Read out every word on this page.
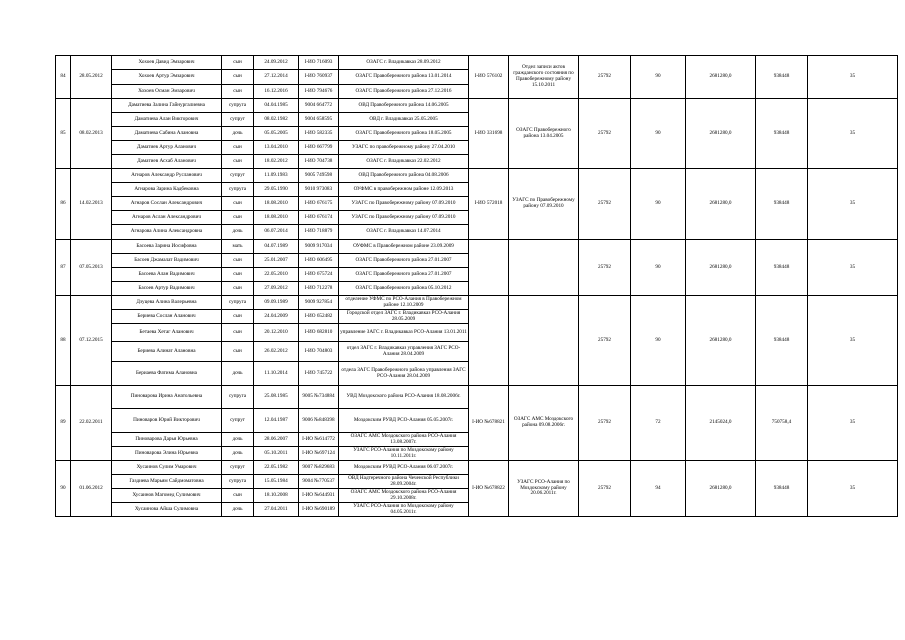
84	28.05.2012	Хохоев Давид Эмзарович	сын	24.09.2012	I-ИО 716093	ОЗАГС г. Владикавказ 28.09.2012	I-ИО 576102	Отдел записи актов гражданского состояния по Правобережному району 15.10.2011	25792	90	2681280,0	938448	35
		Хохоев Артур Эмзарович	сын	27.12.2014	I-ИО 760937	ОЗАГС Правобережного района 13.01.2014							
		Хохоев Осман Эмзарович	сын	16.12.2016	I-ИО 794676	ОЗАГС Правобережного района 27.12.2016							
85	08.02.2013	Даматиева Залина Гайнургалиевна	супруга	04.04.1985	9004 664772	ОВД Правобережного района 14.06.2005	I-ИО 331698	ОЗАГС Правобережного района 13.04.2005	25792	90	2681280,0	938448	35
		Даматиева Алан Викторович	супруг	08.02.1982	9004 658595	ОВД г. Владикавказ 25.05.2005							
		Даматиева Сабина Алановна	дочь	05.05.2005	I-ИО 582335	ОЗАГС Правобережного района 18.05.2005							
		Даматиев Артур Аланович	сын	13.04.2010	I-ИО 667799	УЗАГС по правобережному району 27.04.2010							
		Даматиев Асхаб Аланович	сын	18.02.2012	I-ИО 704738	ОЗАГС г. Владикавказ 22.02.2012							
86	14.02.2013	Агнаров Александр Русланович	супруг	11.09.1983	9005 749598	ОВД Правобережного района 04.08.2006	I-ИО 572018	УЗАГС по Правобережному району 07.09.2010	25792	90	2681280,0	938448	35
		Агнарова Зарина Кадбековна	супруга	29.05.1990	9010 973083	ОУФМС в правобережном районе 12.09.2013							
		Агнаров Сослан Александрович	сын	18.08.2010	I-ИО 676175	УЗАГС по Правобережному району 07.09.2010							
		Агнаров Аслан Александрович	сын	18.08.2010	I-ИО 676174	УЗАГС по Правобережному району 07.09.2010							
		Агнарова Алина Александровна	дочь	06.07.2014	I-ИО 718879	ОЗАГС г. Владикавказ 14.07.2014							
87	07.05.2013	Басоева Зарина Иосифовна	мать	04.07.1989	9009 917034	ОУФМС в Правобережном районе 23.09.2009			25792	90	2681280,0	938448	35
		Басоев Джамалат Вадимович	сын	25.01.2007	I-ИО 606495	ОЗАГС Правобережного района 27.01.2007							
		Басоева Алан Вадимович	сын	22.05.2010	I-ИО 675724	ОЗАГС Правобережного района 27.01.2007							
		Басоев Артур Вадимович	сын	27.09.2012	I-ИО 712278	ОЗАГС Правобережного района 05.10.2012							
88	07.12.2015	Дзуцева Алина Валерьевна	супруга	09.09.1989	9009 927854	отделение УФМС по РСО-Алания в Правобережном районе 12.10.2009			25792	90	2681280,0	938448	35
		Бериева Сослан Аланович	сын	24.04.2009	I-ИО 652482	Городской отдел ЗАГС г. Владикавказ РСО-Алания 28.05.2009							
		Бетаева Хетаг Аланович	сын	20.12.2010	I-ИО 682810	управление ЗАГС г. Владикавказ РСО-Алания 13.01.2011							
		Бериева Алинат Алановна	сын	26.02.2012	I-ИО 704803	отдел ЗАГС г. Владикавказ управления ЗАГС РСО-Алания 28.04.2009							
		Бериаева Фатима Алановна	дочь	11.10.2014	I-ИО 745722	отдела ЗАГС Правобережного района управления ЗАГС РСО-Алания 28.04.2009							
89	22.02.2011	Пиноварова Ирина Анатольевна	супруга	25.08.1985	9005 №734884	УВД Моздокского района РСО-Алания 18.08.2006г.	I-ИО №678821	ОЗАГС АМС Моздокского района 09.08.2006г.	25792	72	2145024,0	750758,4	35
		Пиноваров Юрий Викторович	супруг	12.04.1987	9006 №848398	Моздокским РУВД РСО-Алания 05.05.2007г.							
		Пиноварова Дарья Юрьевна	дочь	28.06.2007	I-ИО №614772	ОЗАГС АМС Моздокского района РСО-Алания 13.08.2007г.							
		Пиноварова Элина Юрьевна	дочь	05.10.2011	I-ИО №697124	УЗАГС РСО-Алания по Моздокскому району 10.11.2011г.							
90	01.06.2012	Хусаинов Сулим Умарович	супруг	22.05.1982	9007 №829683	Моздокским РУВД РСО-Алания 06.07.2007г.	I-ИО №678822	УЗАГС РСО-Алания по Моздокскому району 20.06.2011г.	25792	94	2681280,0	938448	35
		Газдиева Марьям Сайдмоматовна	супруга	15.05.1984	9004 №770537	ОВД Надтеречного района Чеченской Республики 28.09.2004г.							
		Хусаинов Магомед Сулимович	сын	18.10.2008	I-ИО №644931	ОЗАГС АМС Моздокского района РСО-Алания 29.10.2008г.							
		Хусаинова Айша Сулимовна	дочь	27.04.2011	I-ИО №690189	УЗАГС РСО-Алания по Моздокскому району 04.05.2011г.							
